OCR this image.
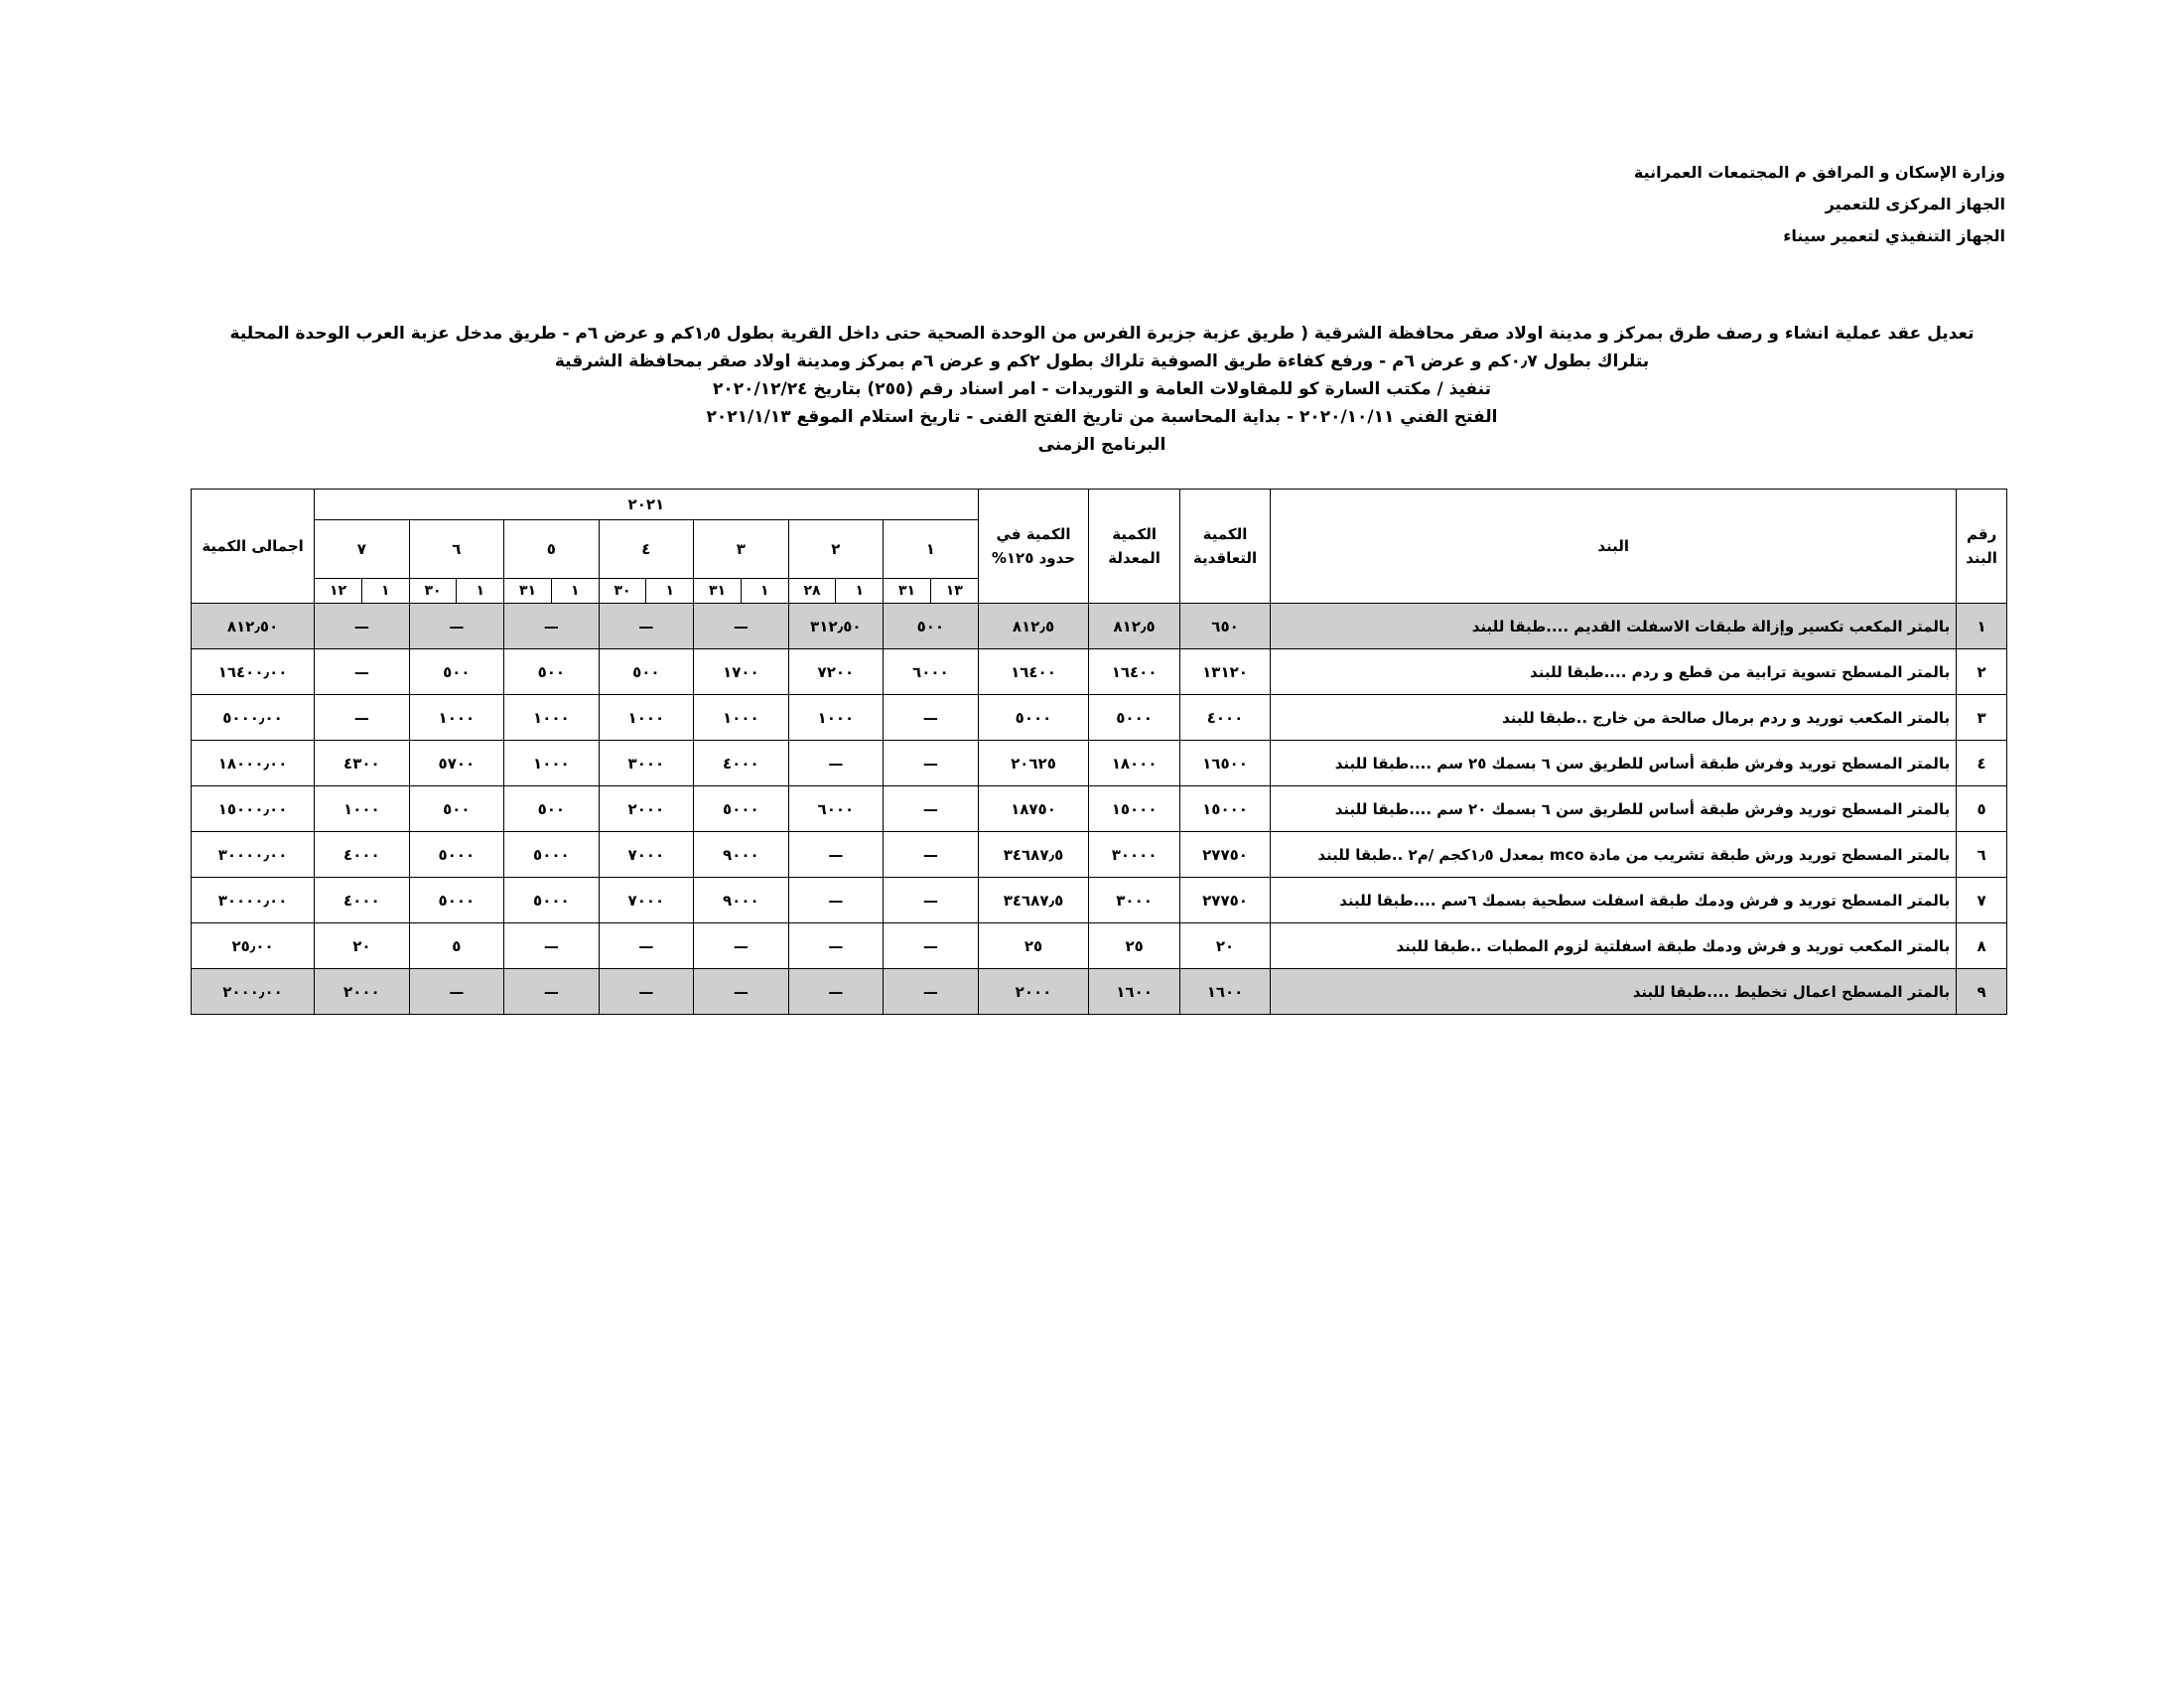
وزارة الإسكان و المرافق م المجتمعات العمرانية
الجهاز المركزى للتعمير
الجهاز التنفيذي لتعمير سيناء
تعديل عقد عملية انشاء و رصف طرق بمركز و مدينة اولاد صقر محافظة الشرقية ( طريق عزبة جزيرة الفرس من الوحدة الصحية حتى داخل القرية بطول ١٫٥كم و عرض ٦م - طريق مدخل عزبة العرب الوحدة المحلية بتلراك بطول ٠٫٧كم و عرض ٦م - ورفع كفاءة طريق الصوفية تلراك بطول ٢كم و عرض ٦م بمركز ومدينة اولاد صقر بمحافظة الشرقية
تنفيذ / مكتب السارة كو للمقاولات العامة و التوريدات - امر اسناد رقم (٢٥٥) بتاريخ ٢٠٢٠/١٢/٢٤
الفتح الفني ٢٠٢٠/١٠/١١ - بداية المحاسبة من تاريخ الفتح الفنى - تاريخ استلام الموقع ٢٠٢١/١/١٣
البرنامج الزمنى
رقم البند	البند	الكمية التعاقدية	الكمية المعدلة	الكمية في حدود ١٢٥%	٢٠٢١														اجمالى الكمية
					١		٢		٣		٤		٥		٦		٧		
					١٣	٣١	١	٢٨	١	٣١	١	٣٠	١	٣١	١	٣٠	١	١٢	
١	بالمتر المكعب تكسير وإزالة طبقات الاسفلت القديم ....طبقا للبند	٦٥٠	٨١٢٫٥	٨١٢٫٥	٥٠٠		٣١٢٫٥٠		—		—		—		—		—		٨١٢٫٥٠
٢	بالمتر المسطح تسوية ترابية من قطع و ردم ....طبقا للبند	١٣١٢٠	١٦٤٠٠	١٦٤٠٠	٦٠٠٠		٧٢٠٠		١٧٠٠		٥٠٠		٥٠٠		٥٠٠		—		١٦٤٠٠٫٠٠
٣	بالمتر المكعب توريد و ردم برمال صالحة من خارج ..طبقا للبند	٤٠٠٠	٥٠٠٠	٥٠٠٠	—		١٠٠٠		١٠٠٠		١٠٠٠		١٠٠٠		١٠٠٠		—		٥٠٠٠٫٠٠
٤	بالمتر المسطح توريد وفرش طبقة أساس للطريق سن ٦ بسمك ٢٥ سم ....طبقا للبند	١٦٥٠٠	١٨٠٠٠	٢٠٦٢٥	—		—		٤٠٠٠		٣٠٠٠		١٠٠٠		٥٧٠٠		٤٣٠٠		١٨٠٠٠٫٠٠
٥	بالمتر المسطح توريد وفرش طبقة أساس للطريق سن ٦ بسمك ٢٠ سم ....طبقا للبند	١٥٠٠٠	١٥٠٠٠	١٨٧٥٠	—		٦٠٠٠		٥٠٠٠		٢٠٠٠		٥٠٠		٥٠٠		١٠٠٠		١٥٠٠٠٫٠٠
٦	بالمتر المسطح توريد ورش طبقة تشريب من مادة mco بمعدل ١٫٥كجم /م٢ ..طبقا للبند	٢٧٧٥٠	٣٠٠٠٠	٣٤٦٨٧٫٥	—		—		٩٠٠٠		٧٠٠٠		٥٠٠٠		٥٠٠٠		٤٠٠٠		٣٠٠٠٠٫٠٠
٧	بالمتر المسطح توريد و فرش ودمك طبقة اسفلت سطحية بسمك ٦سم ....طبقا للبند	٢٧٧٥٠	٣٠٠٠	٣٤٦٨٧٫٥	—		—		٩٠٠٠		٧٠٠٠		٥٠٠٠		٥٠٠٠		٤٠٠٠		٣٠٠٠٠٫٠٠
٨	بالمتر المكعب توريد و فرش ودمك طبقة اسفلتية لزوم المطبات ..طبقا للبند	٢٠	٢٥	٢٥	—		—		—		—		—		٥		٢٠		٢٥٫٠٠
٩	بالمتر المسطح اعمال تخطيط ....طبقا للبند	١٦٠٠	١٦٠٠	٢٠٠٠	—		—		—		—		—		—		٢٠٠٠		٢٠٠٠٫٠٠
